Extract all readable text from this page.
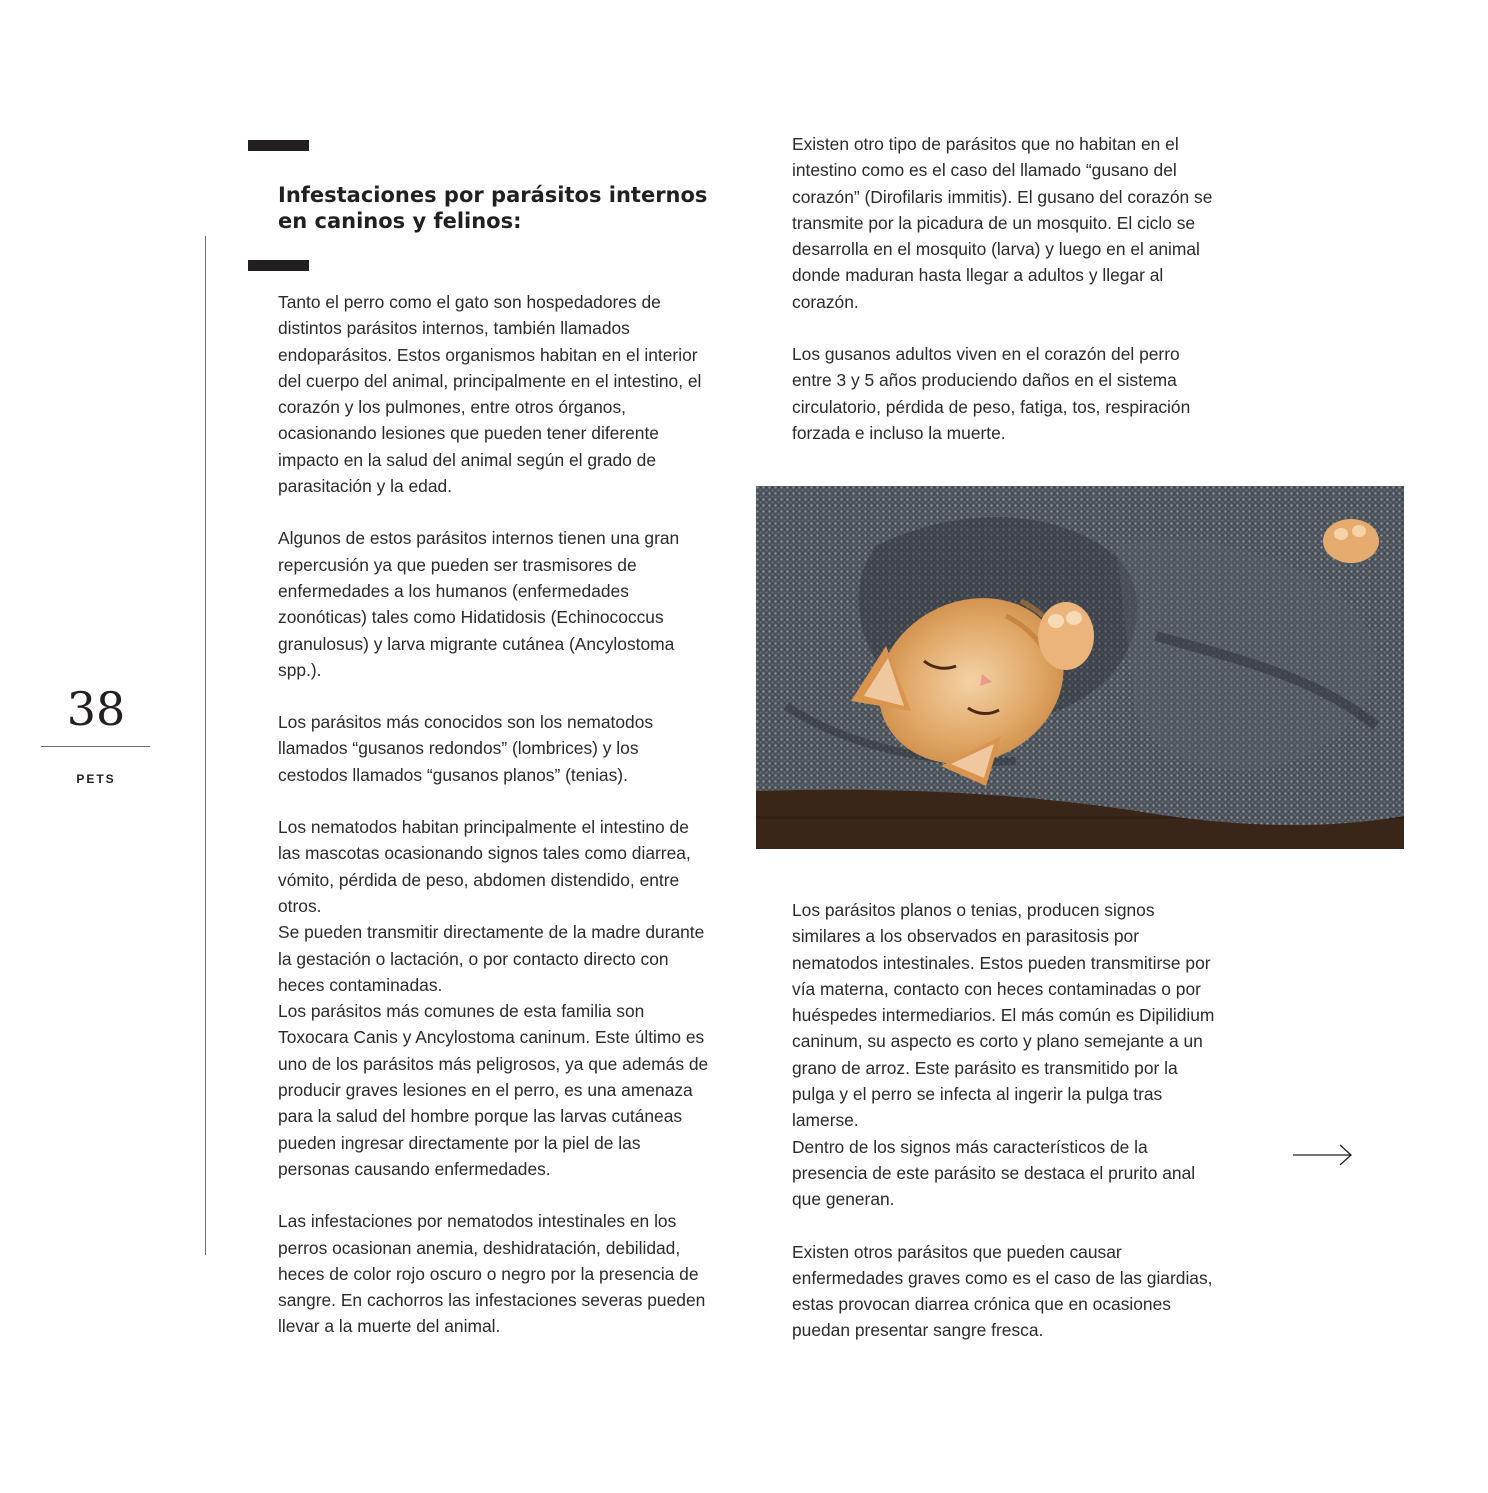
Infestaciones por parásitos internos
en caninos y felinos:
38
PETS

Tanto el perro como el gato son hospedadores de distintos parásitos internos, también llamados endoparásitos. Estos organismos habitan en el interior del cuerpo del animal, principalmente en el intestino, el corazón y los pulmones, entre otros órganos, ocasionando lesiones que pueden tener diferente impacto en la salud del animal según el grado de parasitación y la edad.

Algunos de estos parásitos internos tienen una gran repercusión ya que pueden ser trasmisores de enfermedades a los humanos (enfermedades zoonóticas) tales como Hidatidosis (Echinococcus granulosus) y larva migrante cutánea (Ancylostoma spp.).

Los parásitos más conocidos son los nematodos llamados “gusanos redondos” (lombrices) y los cestodos llamados “gusanos planos” (tenias).

Los nematodos habitan principalmente el intestino de las mascotas ocasionando signos tales como diarrea, vómito, pérdida de peso, abdomen distendido, entre otros.
Se pueden transmitir directamente de la madre durante la gestación o lactación, o por contacto directo con heces contaminadas.
Los parásitos más comunes de esta familia son Toxocara Canis y Ancylostoma caninum. Este último es uno de los parásitos más peligrosos, ya que además de producir graves lesiones en el perro, es una amenaza para la salud del hombre porque las larvas cutáneas pueden ingresar directamente por la piel de las personas causando enfermedades.

Las infestaciones por nematodos intestinales en los perros ocasionan anemia, deshidratación, debilidad, heces de color rojo oscuro o negro por la presencia de sangre. En cachorros las infestaciones severas pueden llevar a la muerte del animal.

Existen otro tipo de parásitos que no habitan en el intestino como es el caso del llamado “gusano del corazón” (Dirofilaris immitis). El gusano del corazón se transmite por la picadura de un mosquito. El ciclo se desarrolla en el mosquito (larva) y luego en el animal donde maduran hasta llegar a adultos y llegar al corazón.

Los gusanos adultos viven en el corazón del perro entre 3 y 5 años produciendo daños en el sistema circulatorio, pérdida de peso, fatiga, tos, respiración forzada e incluso la muerte.

Los parásitos planos o tenias, producen signos similares a los observados en parasitosis por nematodos intestinales. Estos pueden transmitirse por vía materna, contacto con heces contaminadas o por huéspedes intermediarios. El más común es Dipilidium caninum, su aspecto es corto y plano semejante a un grano de arroz. Este parásito es transmitido por la pulga y el perro se infecta al ingerir la pulga tras lamerse.
Dentro de los signos más característicos de la presencia de este parásito se destaca el prurito anal que generan.

Existen otros parásitos que pueden causar enfermedades graves como es el caso de las giardias, estas provocan diarrea crónica que en ocasiones puedan presentar sangre fresca.
